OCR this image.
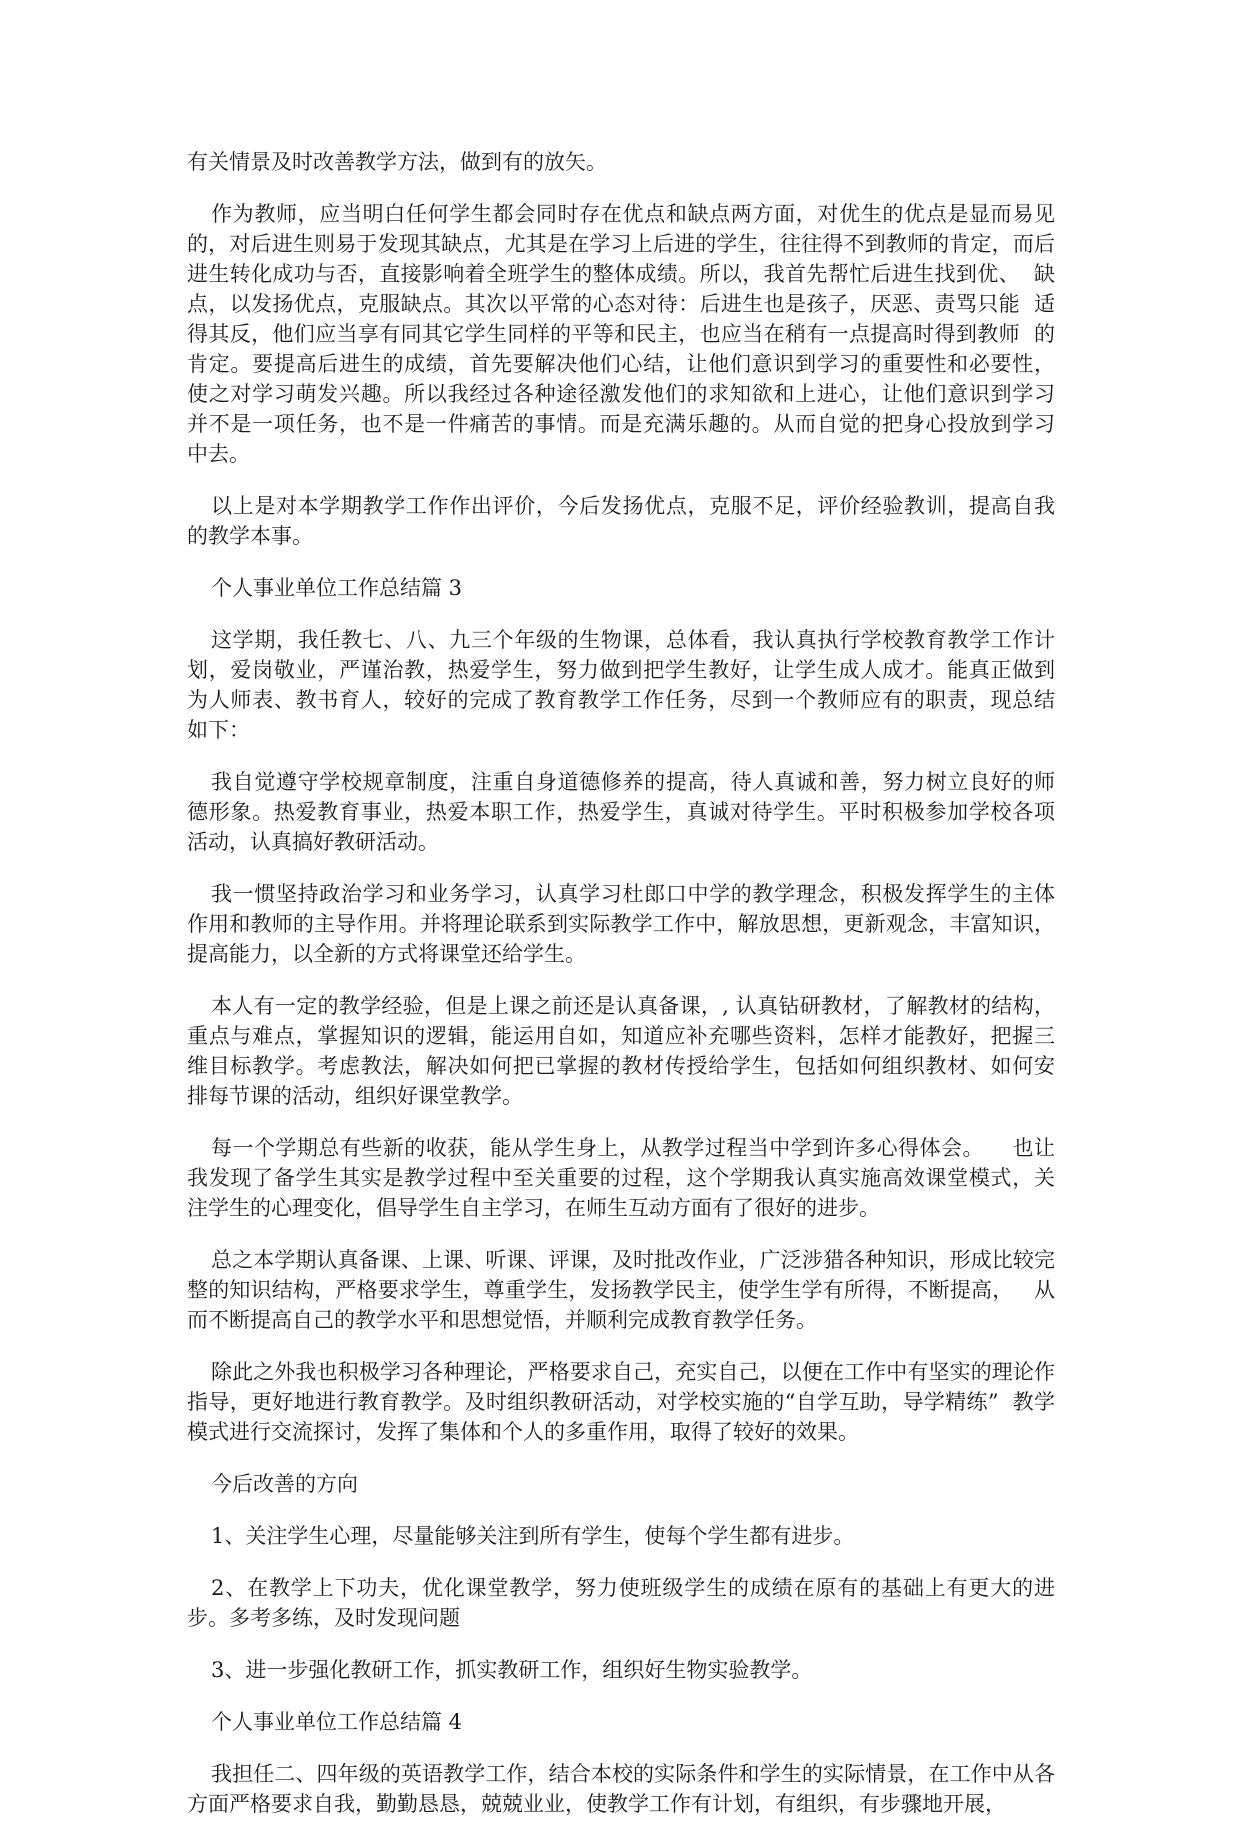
有关情景及时改善教学方法，做到有的放矢。

作为教师，应当明白任何学生都会同时存在优点和缺点两方面，对优生的优点是显而易见的，对后进生则易于发现其缺点，尤其是在学习上后进的学生，往往得不到教师的肯定，而后进生转化成功与否，直接影响着全班学生的整体成绩。所以，我首先帮忙后进生找到优、  缺点，以发扬优点，克服缺点。其次以平常的心态对待：后进生也是孩子，厌恶、责骂只能  适得其反，他们应当享有同其它学生同样的平等和民主，也应当在稍有一点提高时得到教师  的肯定。要提高后进生的成绩，首先要解决他们心结，让他们意识到学习的重要性和必要性，    使之对学习萌发兴趣。所以我经过各种途径激发他们的求知欲和上进心，让他们意识到学习  并不是一项任务，也不是一件痛苦的事情。而是充满乐趣的。从而自觉的把身心投放到学习  中去。

以上是对本学期教学工作作出评价，今后发扬优点，克服不足，评价经验教训，提高自我  的教学本事。

个人事业单位工作总结篇 3

这学期，我任教七、八、九三个年级的生物课，总体看，我认真执行学校教育教学工作计  划，爱岗敬业，严谨治教，热爱学生，努力做到把学生教好，让学生成人成才。能真正做到  为人师表、教书育人，较好的完成了教育教学工作任务，尽到一个教师应有的职责，现总结  如下：

我自觉遵守学校规章制度，注重自身道德修养的提高，待人真诚和善，努力树立良好的师  德形象。热爱教育事业，热爱本职工作，热爱学生，真诚对待学生。平时积极参加学校各项  活动，认真搞好教研活动。

我一惯坚持政治学习和业务学习，认真学习杜郎口中学的教学理念，积极发挥学生的主体  作用和教师的主导作用。并将理论联系到实际教学工作中，解放思想，更新观念，丰富知识，   提高能力，以全新的方式将课堂还给学生。

本人有一定的教学经验，但是上课之前还是认真备课，, 认真钻研教材，了解教材的结构，重点与难点，掌握知识的逻辑，能运用自如，知道应补充哪些资料，怎样才能教好，把握三  维目标教学。考虑教法，解决如何把已掌握的教材传授给学生，包括如何组织教材、如何安  排每节课的活动，组织好课堂教学。

每一个学期总有些新的收获，能从学生身上，从教学过程当中学到许多心得体会。    也让  我发现了备学生其实是教学过程中至关重要的过程，这个学期我认真实施高效课堂模式，关  注学生的心理变化，倡导学生自主学习，在师生互动方面有了很好的进步。

总之本学期认真备课、上课、听课、评课，及时批改作业，广泛涉猎各种知识，形成比较完整的知识结构，严格要求学生，尊重学生，发扬教学民主，使学生学有所得，不断提高，   从而不断提高自己的教学水平和思想觉悟，并顺利完成教育教学任务。

除此之外我也积极学习各种理论，严格要求自己，充实自己，以便在工作中有坚实的理论作指导，更好地进行教育教学。及时组织教研活动，对学校实施的“自学互助，导学精练”  教学模式进行交流探讨，发挥了集体和个人的多重作用，取得了较好的效果。

今后改善的方向

1、关注学生心理，尽量能够关注到所有学生，使每个学生都有进步。

2、在教学上下功夫，优化课堂教学，努力使班级学生的成绩在原有的基础上有更大的进  步。多考多练，及时发现问题

3、进一步强化教研工作，抓实教研工作，组织好生物实验教学。

个人事业单位工作总结篇 4

我担任二、四年级的英语教学工作，结合本校的实际条件和学生的实际情景，在工作中从各方面严格要求自我，勤勤恳恳，兢兢业业，使教学工作有计划，有组织，有步骤地开展，
